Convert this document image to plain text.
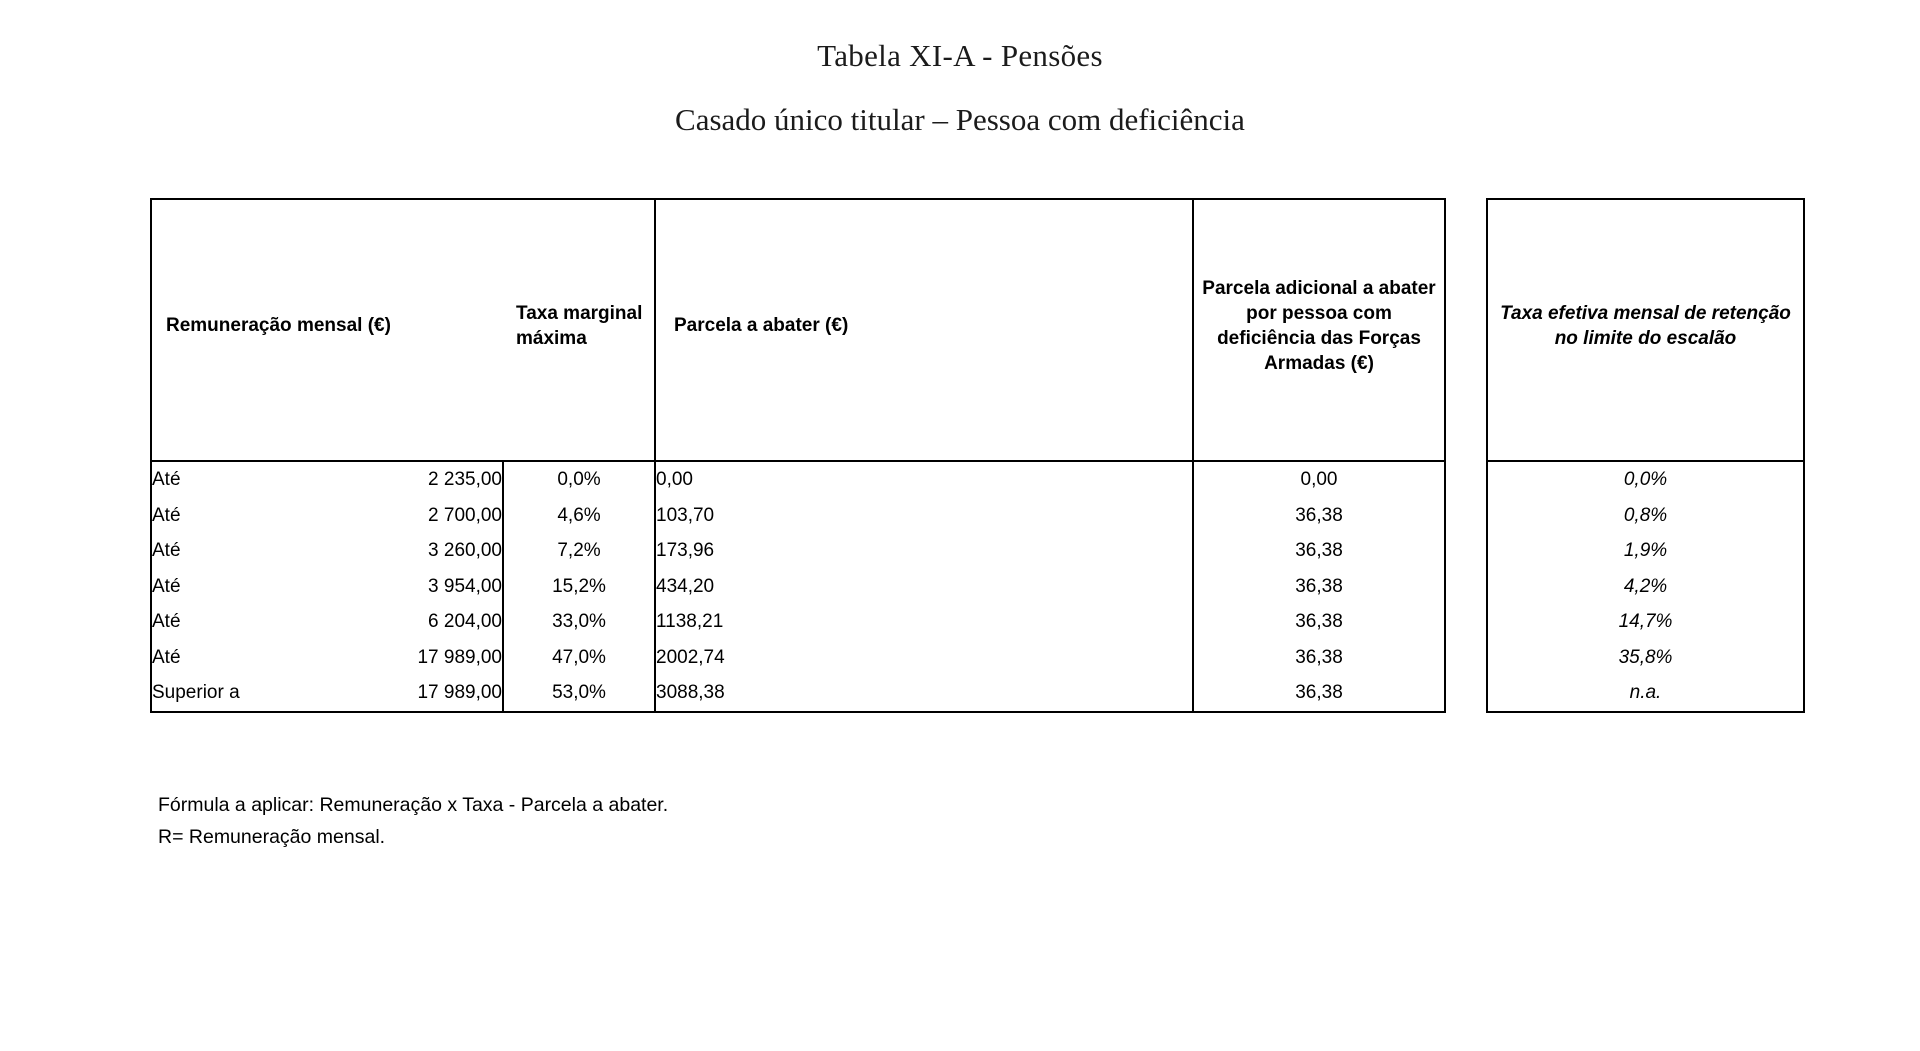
Tabela XI-A - Pensões
Casado único titular – Pessoa com deficiência
Remuneração mensal (€)	Taxa marginal máxima	Parcela a abater (€)	Parcela adicional a abater por pessoa com deficiência das Forças Armadas (€)		Taxa efetiva mensal de retenção no limite do escalão

Até 2 235,00	0,0%	0,00	0,00		0,0%

Até 2 700,00	4,6%	103,70	36,38		0,8%

Até 3 260,00	7,2%	173,96	36,38		1,9%

Até 3 954,00	15,2%	434,20	36,38		4,2%

Até 6 204,00	33,0%	1138,21	36,38		14,7%

Até 17 989,00	47,0%	2002,74	36,38		35,8%

Superior a 17 989,00	53,0%	3088,38	36,38		n.a.
Fórmula a aplicar: Remuneração x Taxa - Parcela a abater.
R= Remuneração mensal.
